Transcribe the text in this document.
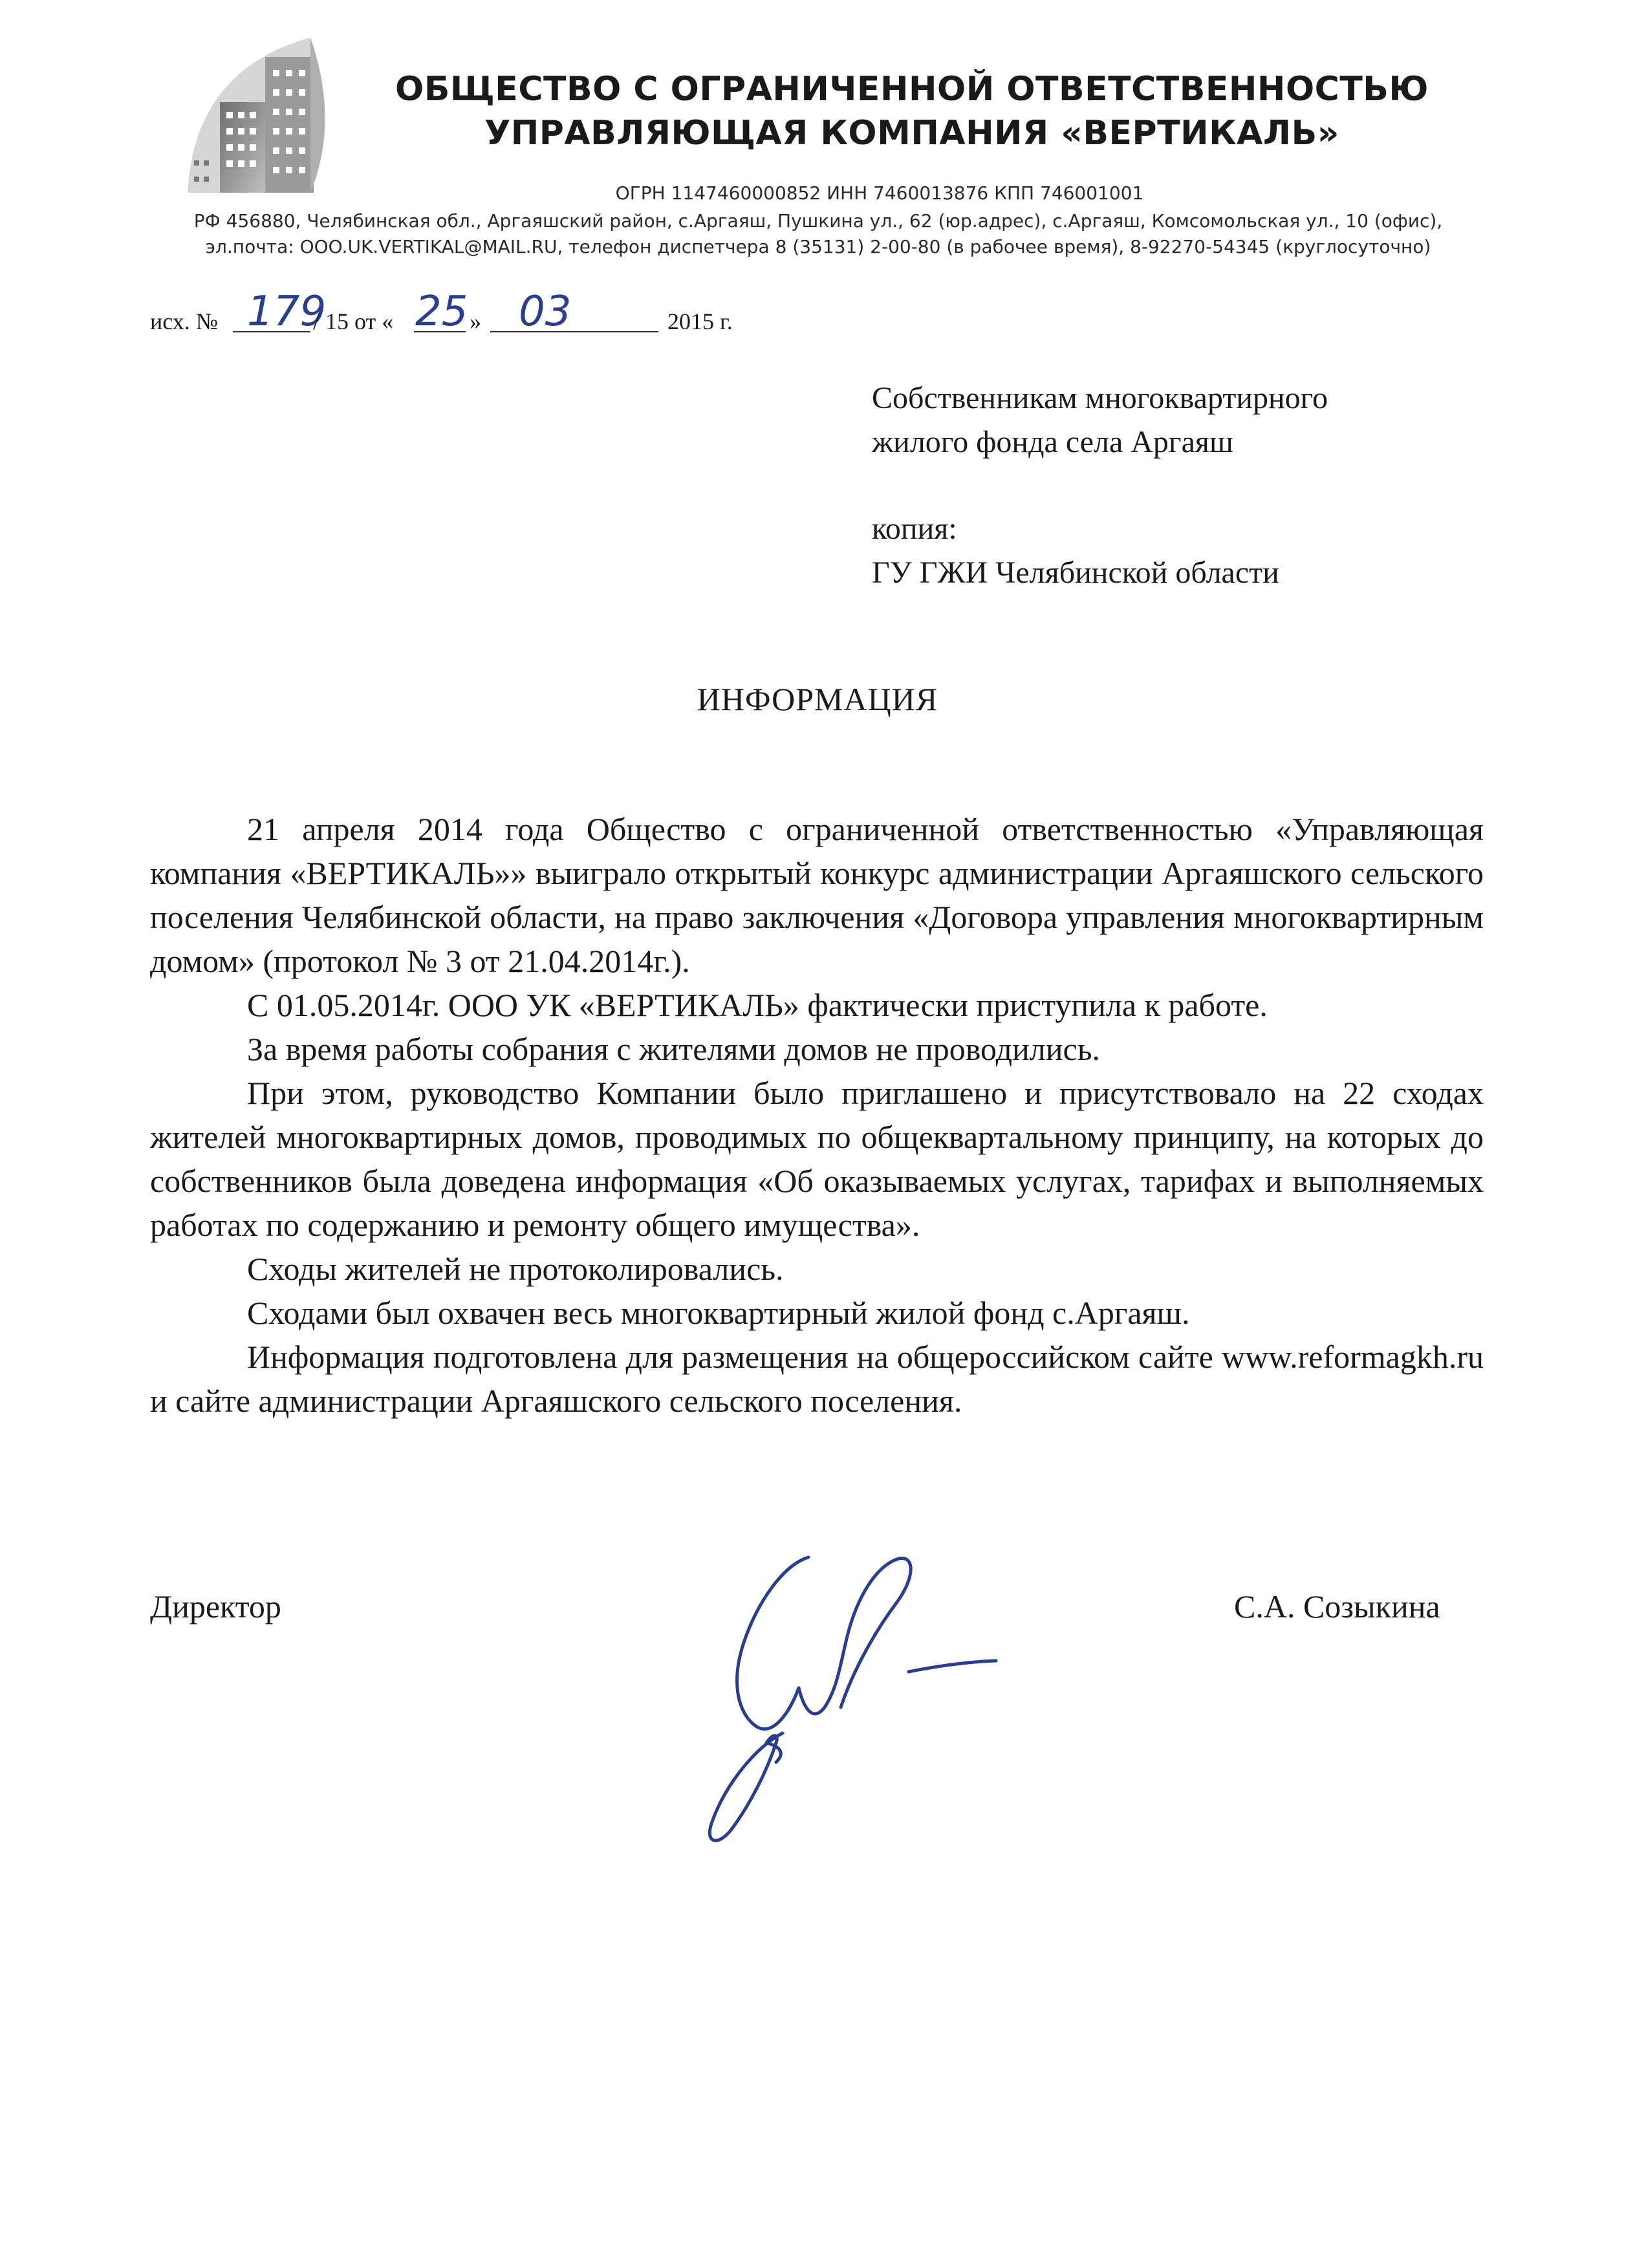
ОБЩЕСТВО С ОГРАНИЧЕННОЙ ОТВЕТСТВЕННОСТЬЮ
УПРАВЛЯЮЩАЯ КОМПАНИЯ «ВЕРТИКАЛЬ»
ОГРН 1147460000852 ИНН 7460013876 КПП 746001001
РФ 456880, Челябинская обл., Аргаяшский район, с.Аргаяш, Пушкина ул., 62 (юр.адрес), с.Аргаяш, Комсомольская ул., 10 (офис),
эл.почта: OOO.UK.VERTIKAL@MAIL.RU, телефон диспетчера 8 (35131) 2-00-80 (в рабочее время), 8-92270-54345 (круглосуточно)
исх. № 179
/ 15 от « 25 » 03	2015 г.
Собственникам многоквартирного
жилого фонда села Аргаяш
копия:
ГУ ГЖИ Челябинской области
ИНФОРМАЦИЯ

21 апреля 2014 года Общество с ограниченной ответственностью «Управляющая компания «ВЕРТИКАЛЬ»» выиграло открытый конкурс администрации Аргаяшского сельского поселения Челябинской области, на право заключения «Договора управления многоквартирным домом» (протокол № 3 от 21.04.2014г.).

С 01.05.2014г. ООО УК «ВЕРТИКАЛЬ» фактически приступила к работе.

За время работы собрания с жителями домов не проводились.

При этом, руководство Компании было приглашено и присутствовало на 22 сходах жителей многоквартирных домов, проводимых по общеквартальному принципу, на которых до собственников была доведена информация «Об оказываемых услугах, тарифах и выполняемых работах по содержанию и ремонту общего имущества».

Сходы жителей не протоколировались.

Сходами был охвачен весь многоквартирный жилой фонд с.Аргаяш.

Информация подготовлена для размещения на общероссийском сайте www.reformagkh.ru и сайте администрации Аргаяшского сельского поселения.

Директор	С.А. Созыкина
